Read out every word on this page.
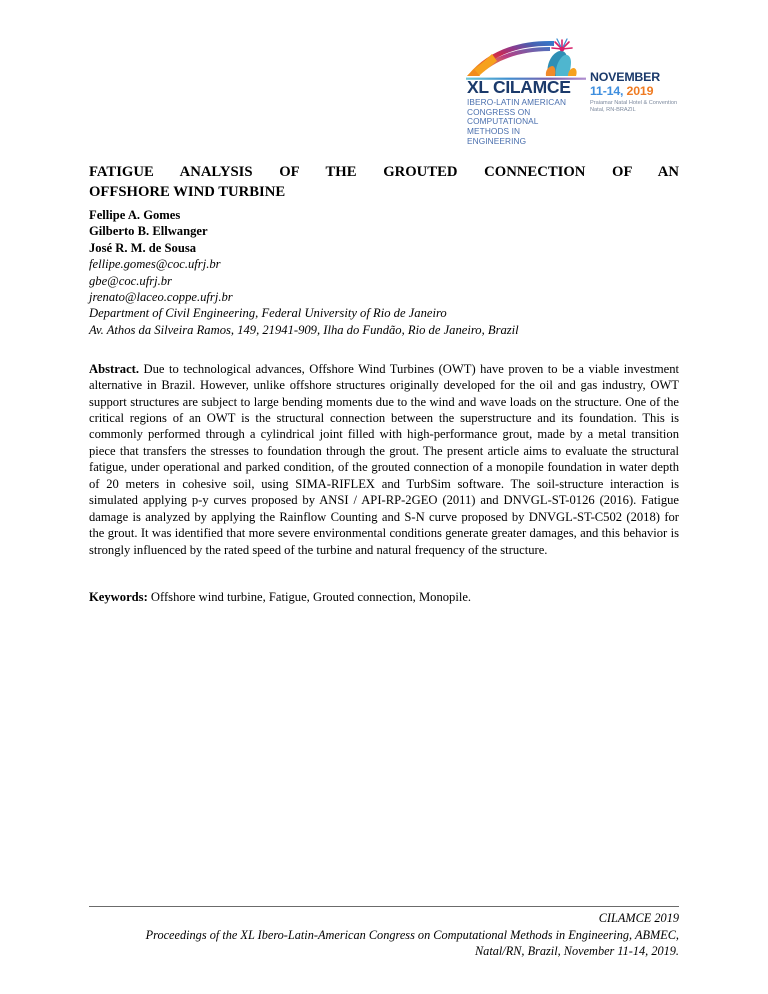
XL CILAMCE
IBERO-LATIN AMERICAN
CONGRESS ON
COMPUTATIONAL
METHODS IN
ENGINEERING
NOVEMBER
11-14, 2019
Praiamar Natal Hotel & Convention
Natal, RN-BRAZIL
FATIGUE ANALYSIS OF THE GROUTED CONNECTION OF AN
OFFSHORE WIND TURBINE
Fellipe A. Gomes
Gilberto B. Ellwanger
José R. M. de Sousa
fellipe.gomes@coc.ufrj.br
gbe@coc.ufrj.br
jrenato@laceo.coppe.ufrj.br
Department of Civil Engineering, Federal University of Rio de Janeiro
Av. Athos da Silveira Ramos, 149, 21941-909, Ilha do Fundão, Rio de Janeiro, Brazil

Abstract. Due to technological advances, Offshore Wind Turbines (OWT) have proven to be a viable investment alternative in Brazil. However, unlike offshore structures originally developed for the oil and gas industry, OWT support structures are subject to large bending moments due to the wind and wave loads on the structure. One of the critical regions of an OWT is the structural connection between the superstructure and its foundation. This is commonly performed through a cylindrical joint filled with high-performance grout, made by a metal transition piece that transfers the stresses to foundation through the grout. The present article aims to evaluate the structural fatigue, under operational and parked condition, of the grouted connection of a monopile foundation in water depth of 20 meters in cohesive soil, using SIMA-RIFLEX and TurbSim software. The soil-structure interaction is simulated applying p-y curves proposed by ANSI / API-RP-2GEO (2011) and DNVGL-ST-0126 (2016). Fatigue damage is analyzed by applying the Rainflow Counting and S-N curve proposed by DNVGL-ST-C502 (2018) for the grout. It was identified that more severe environmental conditions generate greater damages, and this behavior is strongly influenced by the rated speed of the turbine and natural frequency of the structure.

Keywords: Offshore wind turbine, Fatigue, Grouted connection, Monopile.

CILAMCE 2019
Proceedings of the XL Ibero-Latin-American Congress on Computational Methods in Engineering, ABMEC,
Natal/RN, Brazil, November 11-14, 2019.
